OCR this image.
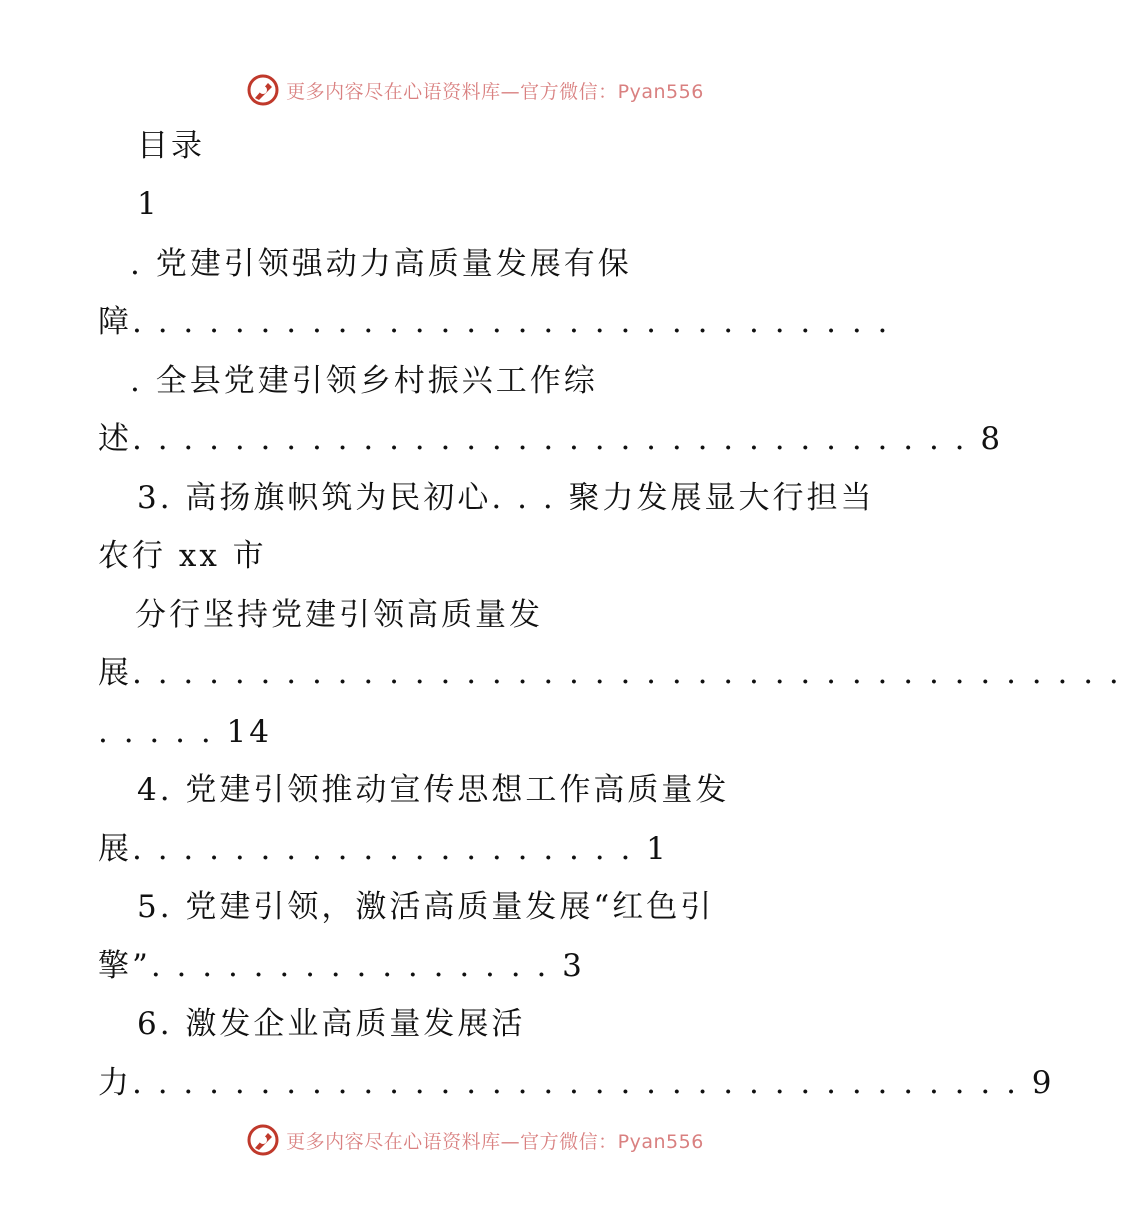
更多内容尽在心语资料库—官方微信：Pyan556
目录
1
. 党建引领强动力高质量发展有保
障. . . . . . . . . . . . . . . . . . . . . . . . . . . . . .
. 全县党建引领乡村振兴工作综
述. . . . . . . . . . . . . . . . . . . . . . . . . . . . . . . . . 8
3. 高扬旗帜筑为民初心. . . 聚力发展显大行担当
农行 xx 市
分行坚持党建引领高质量发
展. . . . . . . . . . . . . . . . . . . . . . . . . . . . . . . . . . . . . . .
. . . . . 14
4. 党建引领推动宣传思想工作高质量发
展. . . . . . . . . . . . . . . . . . . . 1
5. 党建引领，激活高质量发展“红色引
擎”. . . . . . . . . . . . . . . . 3
6. 激发企业高质量发展活
力. . . . . . . . . . . . . . . . . . . . . . . . . . . . . . . . . . . 9
更多内容尽在心语资料库—官方微信：Pyan556
